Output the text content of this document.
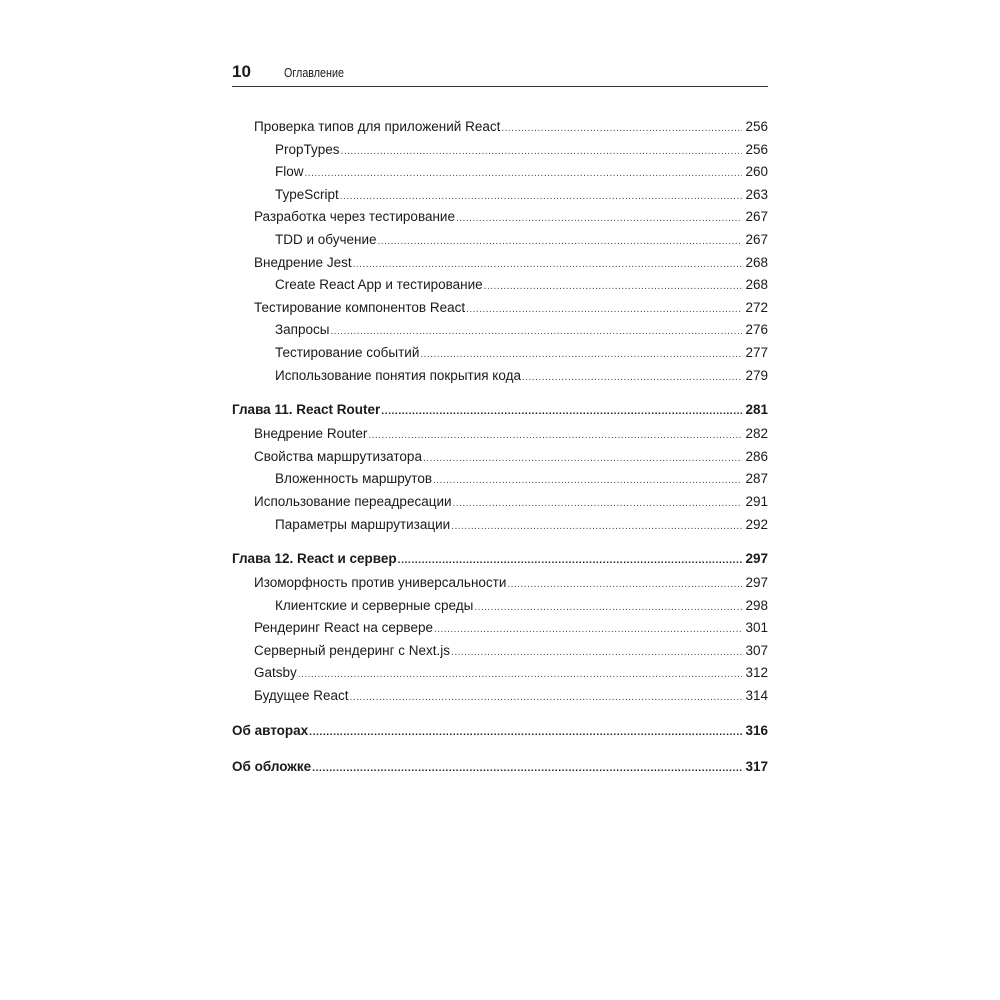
10	Оглавление
Проверка типов для приложений React .....	256
PropTypes .....	256
Flow .....	260
TypeScript .....	263
Разработка через тестирование .....	267
TDD и обучение .....	267
Внедрение Jest .....	268
Create React App и тестирование .....	268
Тестирование компонентов React .....	272
Запросы .....	276
Тестирование событий .....	277
Использование понятия покрытия кода .....	279
Глава 11. React Router .....	281
Внедрение Router .....	282
Свойства маршрутизатора .....	286
Вложенность маршрутов .....	287
Использование переадресации .....	291
Параметры маршрутизации .....	292
Глава 12. React и сервер .....	297
Изоморфность против универсальности .....	297
Клиентские и серверные среды .....	298
Рендеринг React на сервере .....	301
Серверный рендеринг с Next.js .....	307
Gatsby .....	312
Будущее React .....	314
Об авторах .....	316
Об обложке .....	317
